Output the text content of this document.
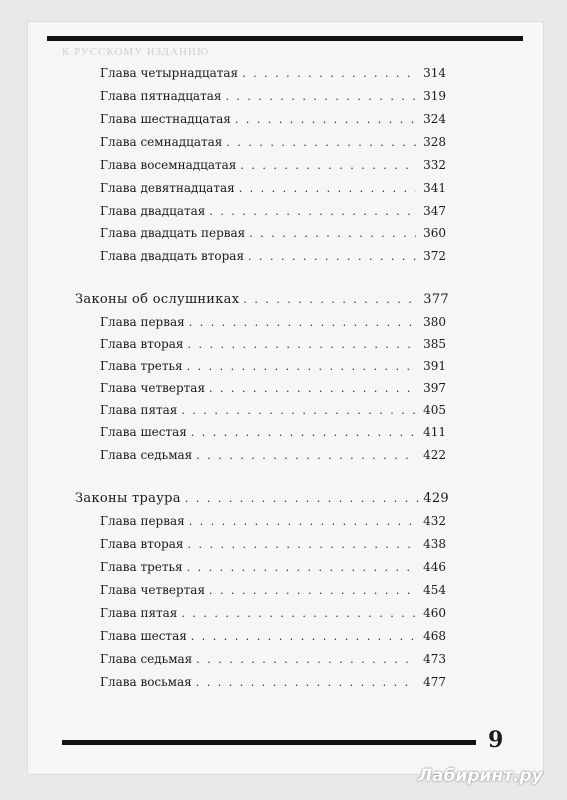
К РУССКОМУ ИЗДАНИЮ
Глава четырнадцатая . . .	314
Глава пятнадцатая . . .	319
Глава шестнадцатая . . .	324
Глава семнадцатая . . .	328
Глава восемнадцатая . . .	332
Глава девятнадцатая . . .	341
Глава двадцатая . . .	347
Глава двадцать первая . . .	360
Глава двадцать вторая . . .	372
Законы об ослушниках . . .	377
Глава первая . . .	380
Глава вторая . . .	385
Глава третья . . .	391
Глава четвертая . . .	397
Глава пятая . . .	405
Глава шестая . . .	411
Глава седьмая . . .	422
Законы траура . . .	429
Глава первая . . .	432
Глава вторая . . .	438
Глава третья . . .	446
Глава четвертая . . .	454
Глава пятая . . .	460
Глава шестая . . .	468
Глава седьмая . . .	473
Глава восьмая . . .	477
9
Лабиринт.ру
